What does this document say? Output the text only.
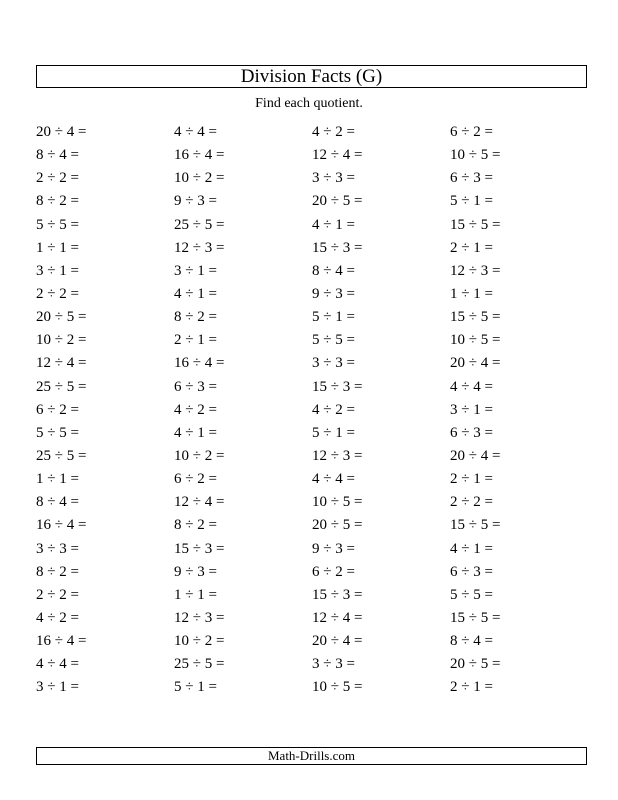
Division Facts (G)
Find each quotient.
20 ÷ 4 =	4 ÷ 4 =	4 ÷ 2 =	6 ÷ 2 =
8 ÷ 4 =	16 ÷ 4 =	12 ÷ 4 =	10 ÷ 5 =
2 ÷ 2 =	10 ÷ 2 =	3 ÷ 3 =	6 ÷ 3 =
8 ÷ 2 =	9 ÷ 3 =	20 ÷ 5 =	5 ÷ 1 =
5 ÷ 5 =	25 ÷ 5 =	4 ÷ 1 =	15 ÷ 5 =
1 ÷ 1 =	12 ÷ 3 =	15 ÷ 3 =	2 ÷ 1 =
3 ÷ 1 =	3 ÷ 1 =	8 ÷ 4 =	12 ÷ 3 =
2 ÷ 2 =	4 ÷ 1 =	9 ÷ 3 =	1 ÷ 1 =
20 ÷ 5 =	8 ÷ 2 =	5 ÷ 1 =	15 ÷ 5 =
10 ÷ 2 =	2 ÷ 1 =	5 ÷ 5 =	10 ÷ 5 =
12 ÷ 4 =	16 ÷ 4 =	3 ÷ 3 =	20 ÷ 4 =
25 ÷ 5 =	6 ÷ 3 =	15 ÷ 3 =	4 ÷ 4 =
6 ÷ 2 =	4 ÷ 2 =	4 ÷ 2 =	3 ÷ 1 =
5 ÷ 5 =	4 ÷ 1 =	5 ÷ 1 =	6 ÷ 3 =
25 ÷ 5 =	10 ÷ 2 =	12 ÷ 3 =	20 ÷ 4 =
1 ÷ 1 =	6 ÷ 2 =	4 ÷ 4 =	2 ÷ 1 =
8 ÷ 4 =	12 ÷ 4 =	10 ÷ 5 =	2 ÷ 2 =
16 ÷ 4 =	8 ÷ 2 =	20 ÷ 5 =	15 ÷ 5 =
3 ÷ 3 =	15 ÷ 3 =	9 ÷ 3 =	4 ÷ 1 =
8 ÷ 2 =	9 ÷ 3 =	6 ÷ 2 =	6 ÷ 3 =
2 ÷ 2 =	1 ÷ 1 =	15 ÷ 3 =	5 ÷ 5 =
4 ÷ 2 =	12 ÷ 3 =	12 ÷ 4 =	15 ÷ 5 =
16 ÷ 4 =	10 ÷ 2 =	20 ÷ 4 =	8 ÷ 4 =
4 ÷ 4 =	25 ÷ 5 =	3 ÷ 3 =	20 ÷ 5 =
3 ÷ 1 =	5 ÷ 1 =	10 ÷ 5 =	2 ÷ 1 =
Math-Drills.com
